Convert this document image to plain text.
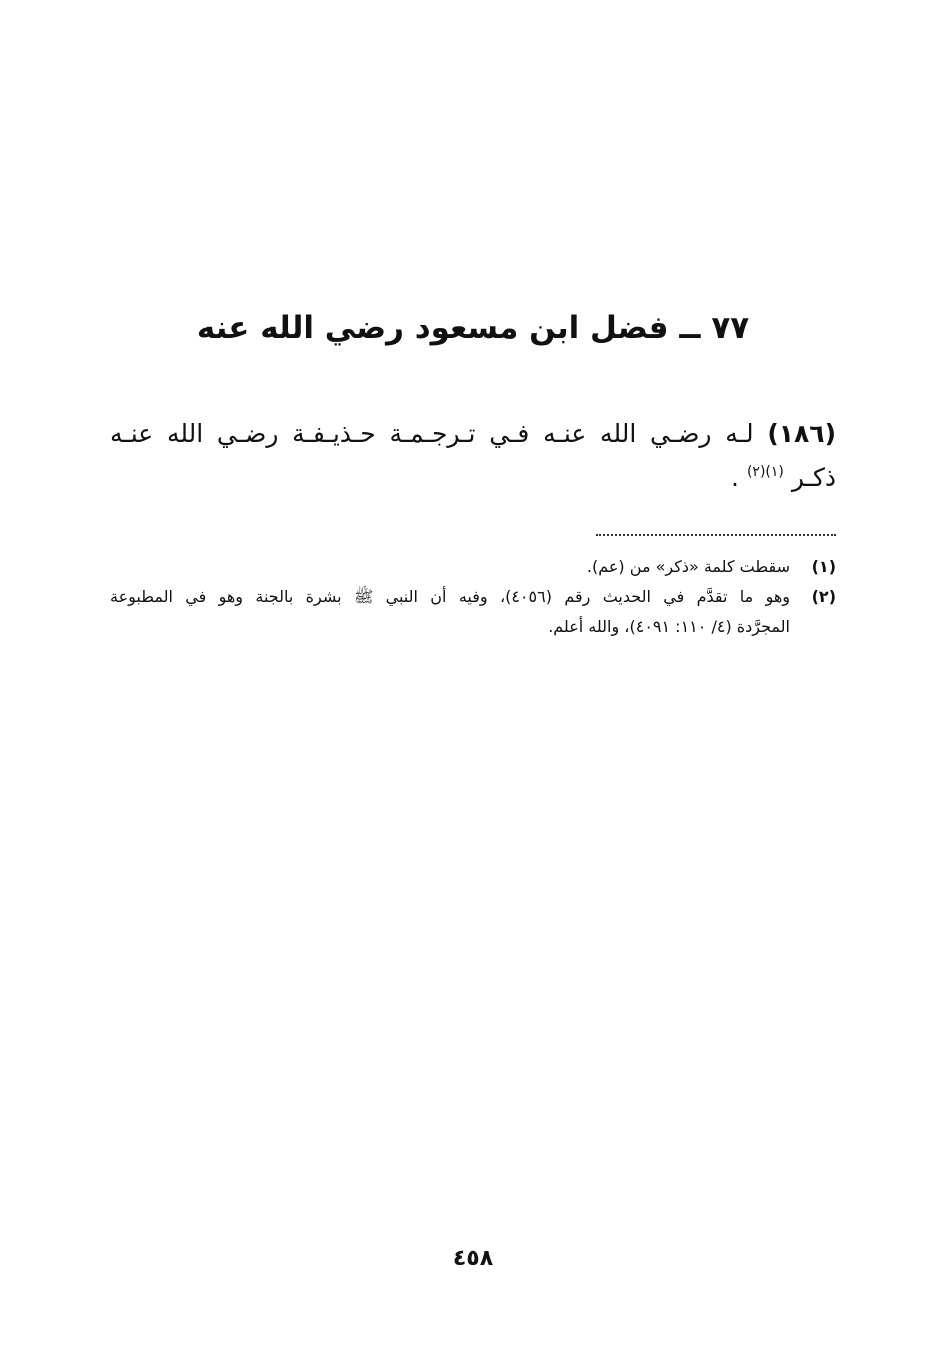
٧٧ ــ فضل ابن مسعود رضي الله عنه
(١٨٦) لـه رضـي الله عنـه فـي تـرجـمـة حـذيـفـة رضـي الله عنـه
ذكـر $^{(١)(٢)}$ .
(١)
سقطت كلمة «ذكر» من (عم).
(٢)
وهو ما تقدَّم في الحديث رقم (٤٠٥٦)، وفيه أن النبي ﷺ بشرة بالجنة وهو في المطبوعة
المجرَّدة (٤/ ١١٠: ٤٠٩١)، والله أعلم.
٤٥٨
